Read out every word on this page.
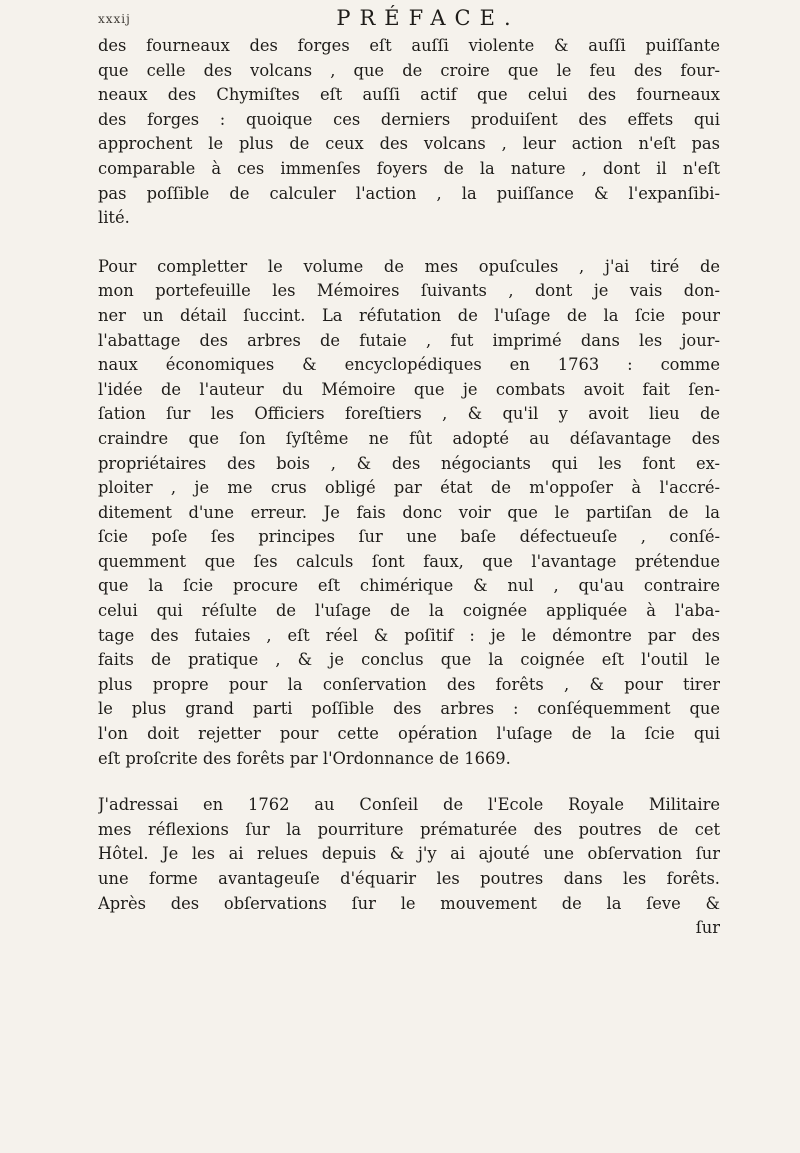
xxxij	PRÉFACE.

des fourneaux des forges eſt auſſi violente & auſſi puiſſante
que celle des volcans , que de croire que le feu des four-
neaux des Chymiſtes eſt auſſi actif que celui des fourneaux
des forges : quoique ces derniers produiſent des effets qui
approchent le plus de ceux des volcans , leur action n'eſt pas
comparable à ces immenſes foyers de la nature , dont il n'eſt
pas poſſible de calculer l'action , la puiſſance & l'expanſibi-
lité.

Pour completter le volume de mes opuſcules , j'ai tiré de
mon portefeuille les Mémoires ſuivants , dont je vais don-
ner un détail ſuccint. La réfutation de l'uſage de la ſcie pour
l'abattage des arbres de futaie , fut imprimé dans les jour-
naux économiques & encyclopédiques en 1763 : comme
l'idée de l'auteur du Mémoire que je combats avoit fait ſen-
ſation ſur les Officiers foreſtiers , & qu'il y avoit lieu de
craindre que ſon ſyſtême ne fût adopté au déſavantage des
propriétaires des bois , & des négociants qui les font ex-
ploiter , je me crus obligé par état de m'oppoſer à l'accré-
ditement d'une erreur. Je fais donc voir que le partiſan de la
ſcie poſe ſes principes ſur une baſe défectueuſe , conſé-
quemment que ſes calculs ſont faux, que l'avantage prétendue
que la ſcie procure eſt chimérique & nul , qu'au contraire
celui qui réſulte de l'uſage de la coignée appliquée à l'aba-
tage des futaies , eſt réel & poſitif : je le démontre par des
faits de pratique , & je conclus que la coignée eſt l'outil le
plus propre pour la conſervation des forêts , & pour tirer
le plus grand parti poſſible des arbres : conſéquemment que
l'on doit rejetter pour cette opération l'uſage de la ſcie qui
eſt proſcrite des forêts par l'Ordonnance de 1669.

J'adressai en 1762 au Conſeil de l'Ecole Royale Militaire
mes réflexions ſur la pourriture prématurée des poutres de cet
Hôtel. Je les ai relues depuis & j'y ai ajouté une obſervation ſur
une forme avantageuſe d'équarir les poutres dans les forêts.
Après des obſervations ſur le mouvement de la ſeve &
ſur
